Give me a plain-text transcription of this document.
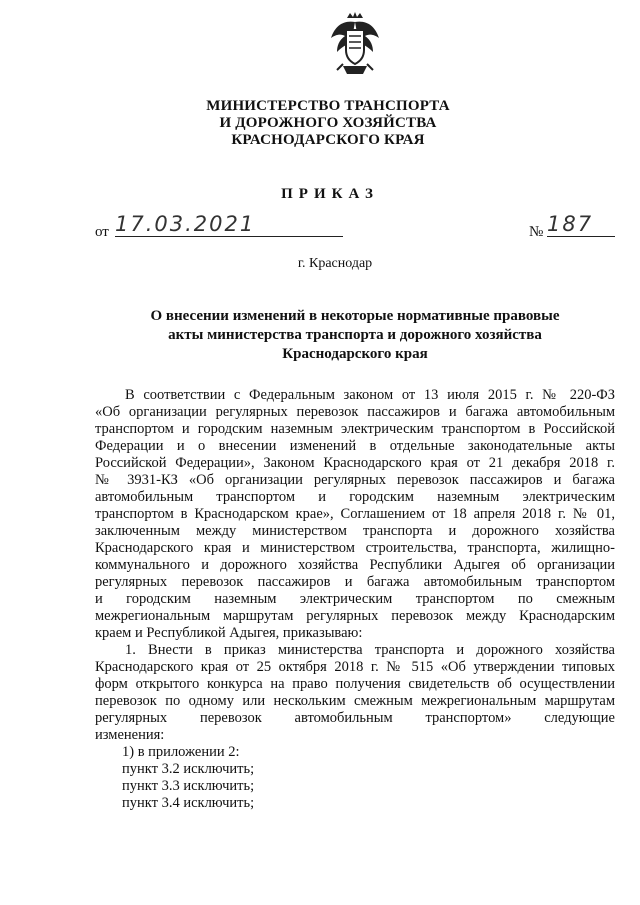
МИНИСТЕРСТВО ТРАНСПОРТА
И ДОРОЖНОГО ХОЗЯЙСТВА
КРАСНОДАРСКОГО КРАЯ
ПРИКАЗ
от 17.03.2021	№ 187
г. Краснодар
О внесении изменений в некоторые нормативные правовые
акты министерства транспорта и дорожного хозяйства
Краснодарского края
В соответствии с Федеральным законом от 13 июля 2015 г. № 220-ФЗ
«Об организации регулярных перевозок пассажиров и багажа автомобильным
транспортом и городским наземным электрическим транспортом в Российской
Федерации и о внесении изменений в отдельные законодательные акты
Российской Федерации», Законом Краснодарского края от 21 декабря 2018 г.
№ 3931-КЗ «Об организации регулярных перевозок пассажиров и багажа
автомобильным транспортом и городским наземным электрическим
транспортом в Краснодарском крае», Соглашением от 18 апреля 2018 г. № 01,
заключенным между министерством транспорта и дорожного хозяйства
Краснодарского края и министерством строительства, транспорта, жилищно-
коммунального и дорожного хозяйства Республики Адыгея об организации
регулярных перевозок пассажиров и багажа автомобильным транспортом
и городским наземным электрическим транспортом по смежным
межрегиональным маршрутам регулярных перевозок между Краснодарским
краем и Республикой Адыгея, приказываю:
1. Внести в приказ министерства транспорта и дорожного хозяйства
Краснодарского края от 25 октября 2018 г. № 515 «Об утверждении типовых
форм открытого конкурса на право получения свидетельств об осуществлении
перевозок по одному или нескольким смежным межрегиональным маршрутам
регулярных перевозок автомобильным транспортом» следующие
изменения:
1) в приложении 2:
пункт 3.2 исключить;
пункт 3.3 исключить;
пункт 3.4 исключить;
